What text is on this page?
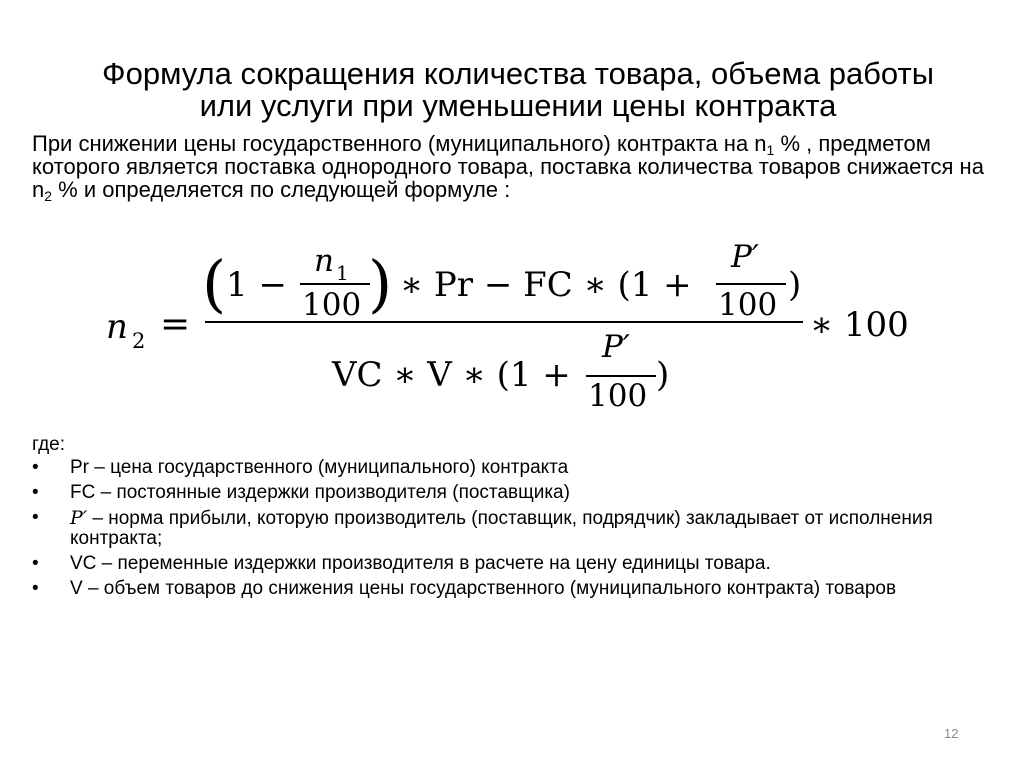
Формула сокращения количества товара, объема работы
или услуги при уменьшении цены контракта
При снижении цены государственного (муниципального) контракта на $n_1$ % , предметом которого является поставка однородного товара, поставка количества товаров снижается на $n_2$ % и определяется по следующей формуле :
n 2 =
( 1 −
n 1
100 ) ∗ Pr − FC ∗ (1 +
P′
100 )
VC ∗ V ∗ (1 +
P′
100
)
∗ 100
где:
• Pr – цена государственного (муниципального) контракта
• FC – постоянные издержки производителя (поставщика)
• P′ – норма прибыли, которую производитель (поставщик, подрядчик) закладывает от исполнения контракта;
• VC – переменные издержки производителя в расчете на цену единицы товара.
• V – объем товаров до снижения цены государственного (муниципального контракта) товаров
12
